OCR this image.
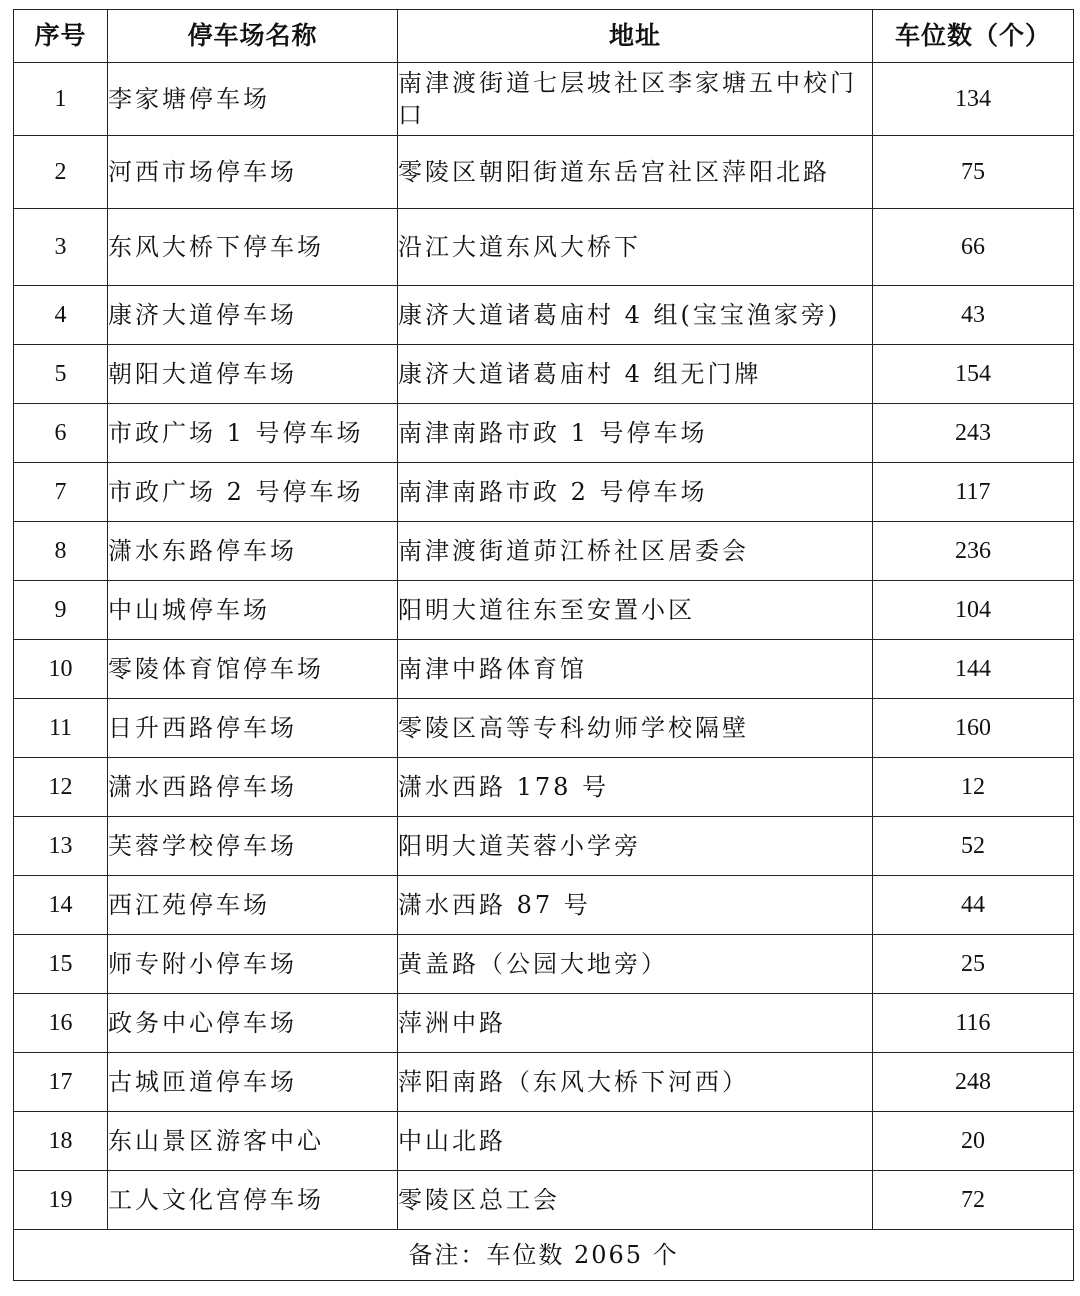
序号	停车场名称	地址	车位数（个）
1	李家塘停车场	南津渡街道七层坡社区李家塘五中校门口	134
2	河西市场停车场	零陵区朝阳街道东岳宫社区萍阳北路	75
3	东风大桥下停车场	沿江大道东风大桥下	66
4	康济大道停车场	康济大道诸葛庙村 4 组(宝宝渔家旁)	43
5	朝阳大道停车场	康济大道诸葛庙村 4 组无门牌	154
6	市政广场 1 号停车场	南津南路市政 1 号停车场	243
7	市政广场 2 号停车场	南津南路市政 2 号停车场	117
8	潇水东路停车场	南津渡街道茆江桥社区居委会	236
9	中山城停车场	阳明大道往东至安置小区	104
10	零陵体育馆停车场	南津中路体育馆	144
11	日升西路停车场	零陵区高等专科幼师学校隔壁	160
12	潇水西路停车场	潇水西路 178 号	12
13	芙蓉学校停车场	阳明大道芙蓉小学旁	52
14	西江苑停车场	潇水西路 87 号	44
15	师专附小停车场	黄盖路（公园大地旁）	25
16	政务中心停车场	萍洲中路	116
17	古城匝道停车场	萍阳南路（东风大桥下河西）	248
18	东山景区游客中心	中山北路	20
19	工人文化宫停车场	零陵区总工会	72
备注：车位数 2065 个			
